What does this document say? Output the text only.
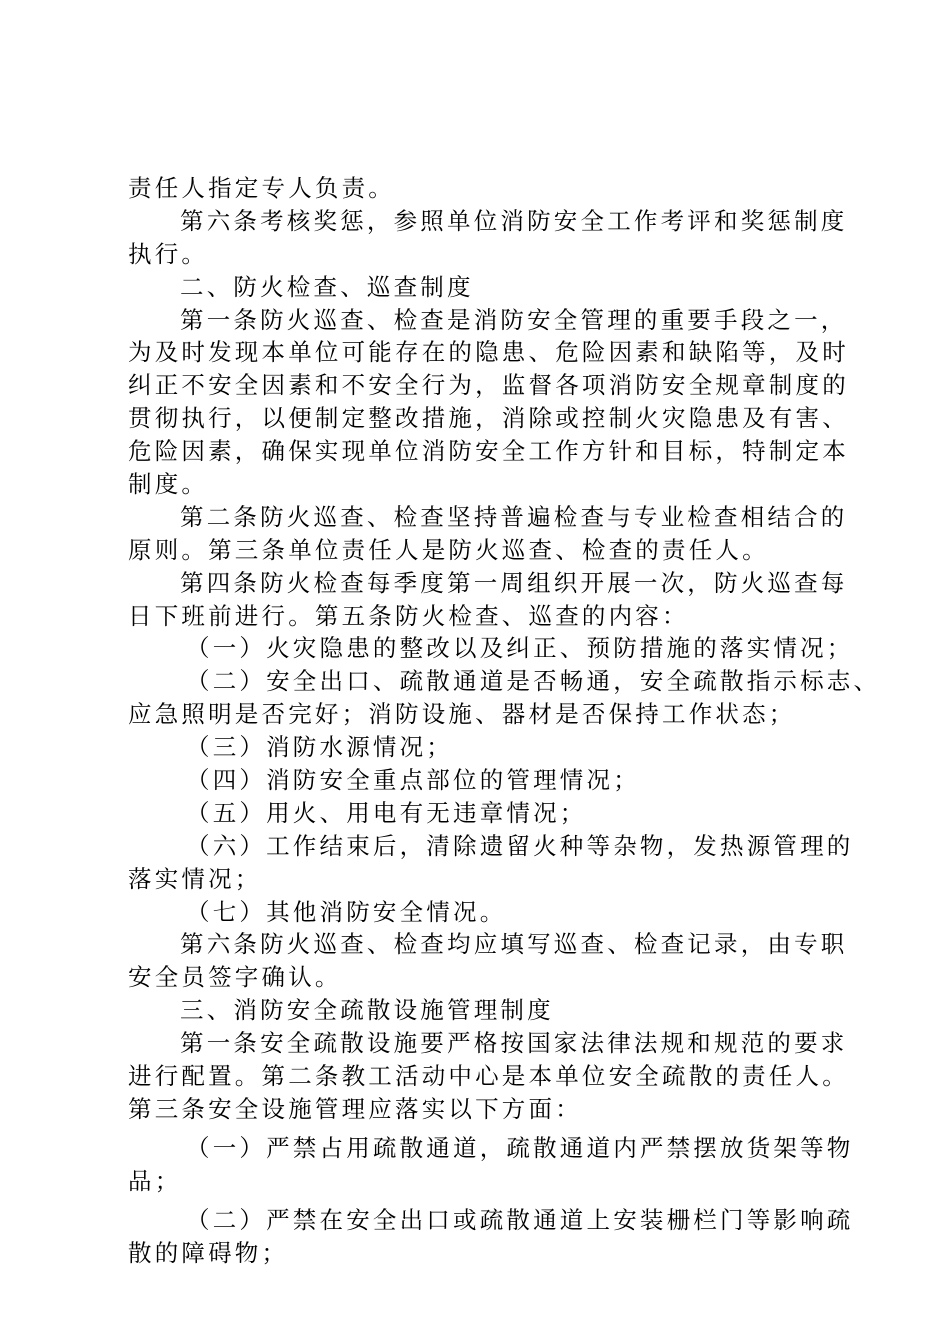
责任人指定专人负责。
第六条考核奖惩，参照单位消防安全工作考评和奖惩制度
执行。
二、防火检查、巡查制度
第一条防火巡查、检查是消防安全管理的重要手段之一，
为及时发现本单位可能存在的隐患、危险因素和缺陷等，及时
纠正不安全因素和不安全行为，监督各项消防安全规章制度的
贯彻执行，以便制定整改措施，消除或控制火灾隐患及有害、
危险因素，确保实现单位消防安全工作方针和目标，特制定本
制度。
第二条防火巡查、检查坚持普遍检查与专业检查相结合的
原则。第三条单位责任人是防火巡查、检查的责任人。
第四条防火检查每季度第一周组织开展一次，防火巡查每
日下班前进行。第五条防火检查、巡查的内容：
（一）火灾隐患的整改以及纠正、预防措施的落实情况；
（二）安全出口、疏散通道是否畅通，安全疏散指示标志、
应急照明是否完好；消防设施、器材是否保持工作状态；
（三）消防水源情况；
（四）消防安全重点部位的管理情况；
（五）用火、用电有无违章情况；
（六）工作结束后，清除遗留火种等杂物，发热源管理的
落实情况；
（七）其他消防安全情况。
第六条防火巡查、检查均应填写巡查、检查记录，由专职
安全员签字确认。
三、消防安全疏散设施管理制度
第一条安全疏散设施要严格按国家法律法规和规范的要求
进行配置。第二条教工活动中心是本单位安全疏散的责任人。
第三条安全设施管理应落实以下方面：
（一）严禁占用疏散通道，疏散通道内严禁摆放货架等物
品；
（二）严禁在安全出口或疏散通道上安装栅栏门等影响疏
散的障碍物；
